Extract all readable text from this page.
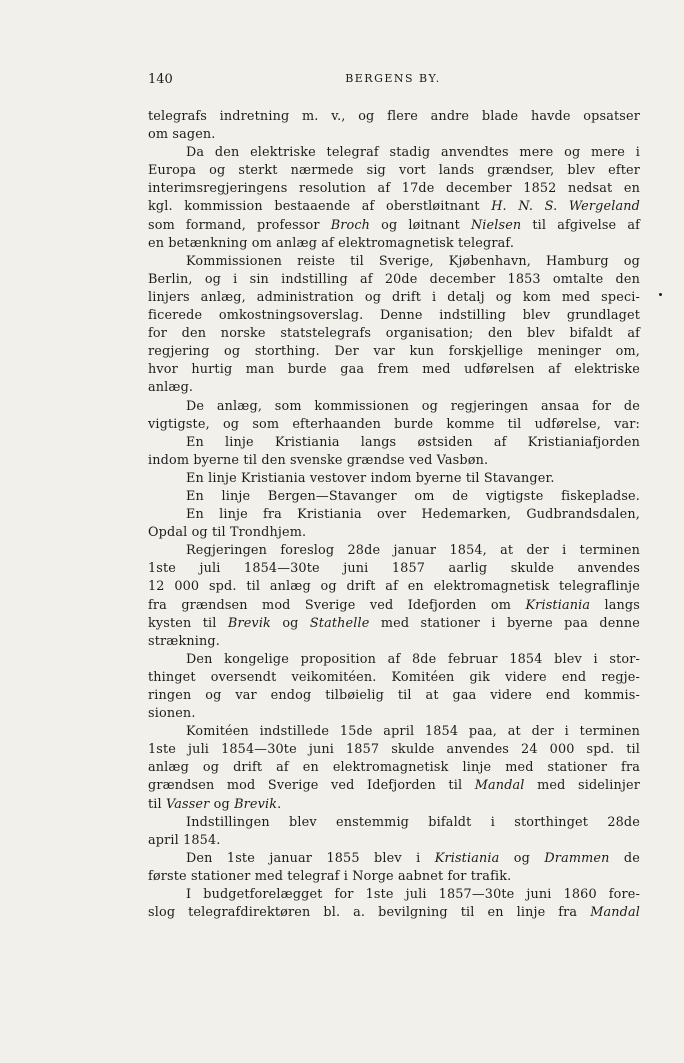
140	BERGENS BY.
telegrafs indretning m. v., og flere andre blade havde opsatser
om sagen.
Da den elektriske telegraf stadig anvendtes mere og mere i
Europa og sterkt nærmede sig vort lands grændser, blev efter
interimsregjeringens resolution af 17de december 1852 nedsat en
kgl. kommission bestaaende af oberstløitnant H. N. S. Wergeland
som formand, professor Broch og løitnant Nielsen til afgivelse af
en betænkning om anlæg af elektromagnetisk telegraf.
Kommissionen reiste til Sverige, Kjøbenhavn, Hamburg og
Berlin, og i sin indstilling af 20de december 1853 omtalte den
linjers anlæg, administration og drift i detalj og kom med speci-
ficerede omkostningsoverslag. Denne indstilling blev grundlaget
for den norske statstelegrafs organisation; den blev bifaldt af
regjering og storthing. Der var kun forskjellige meninger om,
hvor hurtig man burde gaa frem med udførelsen af elektriske
anlæg.
De anlæg, som kommissionen og regjeringen ansaa for de
vigtigste, og som efterhaanden burde komme til udførelse, var:
En linje Kristiania langs østsiden af Kristianiafjorden
indom byerne til den svenske grændse ved Vasbøn.
En linje Kristiania vestover indom byerne til Stavanger.
En linje Bergen—Stavanger om de vigtigste fiskepladse.
En linje fra Kristiania over Hedemarken, Gudbrandsdalen,
Opdal og til Trondhjem.
Regjeringen foreslog 28de januar 1854, at der i terminen
1ste juli 1854—30te juni 1857 aarlig skulde anvendes
12 000 spd. til anlæg og drift af en elektromagnetisk telegraflinje
fra grændsen mod Sverige ved Idefjorden om Kristiania langs
kysten til Brevik og Stathelle med stationer i byerne paa denne
strækning.
Den kongelige proposition af 8de februar 1854 blev i stor-
thinget oversendt veikomitéen. Komitéen gik videre end regje-
ringen og var endog tilbøielig til at gaa videre end kommis-
sionen.
Komitéen indstillede 15de april 1854 paa, at der i terminen
1ste juli 1854—30te juni 1857 skulde anvendes 24 000 spd. til
anlæg og drift af en elektromagnetisk linje med stationer fra
grændsen mod Sverige ved Idefjorden til Mandal med sidelinjer
til Vasser og Brevik.
Indstillingen blev enstemmig bifaldt i storthinget 28de
april 1854.
Den 1ste januar 1855 blev i Kristiania og Drammen de
første stationer med telegraf i Norge aabnet for trafik.
I budgetforelægget for 1ste juli 1857—30te juni 1860 fore-
slog telegrafdirektøren bl. a. bevilgning til en linje fra Mandal
